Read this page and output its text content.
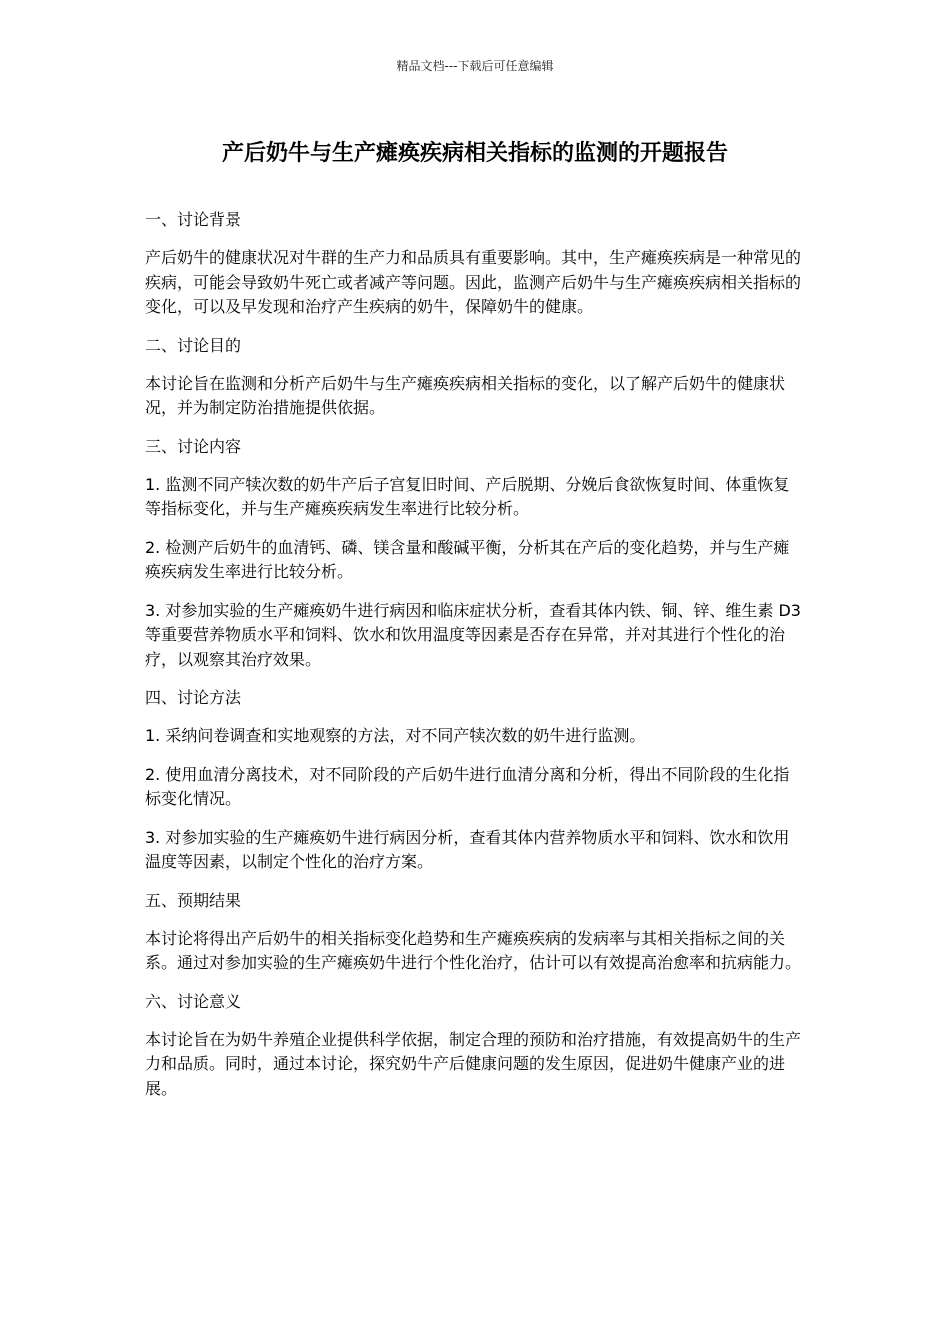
精品文档---下载后可任意编辑
产后奶牛与生产瘫痪疾病相关指标的监测的开题报告
一、讨论背景
产后奶牛的健康状况对牛群的生产力和品质具有重要影响。其中，生产瘫痪疾病是一种常见的疾病，可能会导致奶牛死亡或者减产等问题。因此，监测产后奶牛与生产瘫痪疾病相关指标的变化，可以及早发现和治疗产生疾病的奶牛，保障奶牛的健康。
二、讨论目的
本讨论旨在监测和分析产后奶牛与生产瘫痪疾病相关指标的变化，以了解产后奶牛的健康状况，并为制定防治措施提供依据。
三、讨论内容
1. 监测不同产犊次数的奶牛产后子宫复旧时间、产后脱期、分娩后食欲恢复时间、体重恢复等指标变化，并与生产瘫痪疾病发生率进行比较分析。
2. 检测产后奶牛的血清钙、磷、镁含量和酸碱平衡，分析其在产后的变化趋势，并与生产瘫痪疾病发生率进行比较分析。
3. 对参加实验的生产瘫痪奶牛进行病因和临床症状分析，查看其体内铁、铜、锌、维生素 D3 等重要营养物质水平和饲料、饮水和饮用温度等因素是否存在异常，并对其进行个性化的治疗，以观察其治疗效果。
四、讨论方法
1. 采纳问卷调查和实地观察的方法，对不同产犊次数的奶牛进行监测。
2. 使用血清分离技术，对不同阶段的产后奶牛进行血清分离和分析，得出不同阶段的生化指标变化情况。
3. 对参加实验的生产瘫痪奶牛进行病因分析，查看其体内营养物质水平和饲料、饮水和饮用温度等因素，以制定个性化的治疗方案。
五、预期结果
本讨论将得出产后奶牛的相关指标变化趋势和生产瘫痪疾病的发病率与其相关指标之间的关系。通过对参加实验的生产瘫痪奶牛进行个性化治疗，估计可以有效提高治愈率和抗病能力。
六、讨论意义
本讨论旨在为奶牛养殖企业提供科学依据，制定合理的预防和治疗措施，有效提高奶牛的生产力和品质。同时，通过本讨论，探究奶牛产后健康问题的发生原因，促进奶牛健康产业的进展。
